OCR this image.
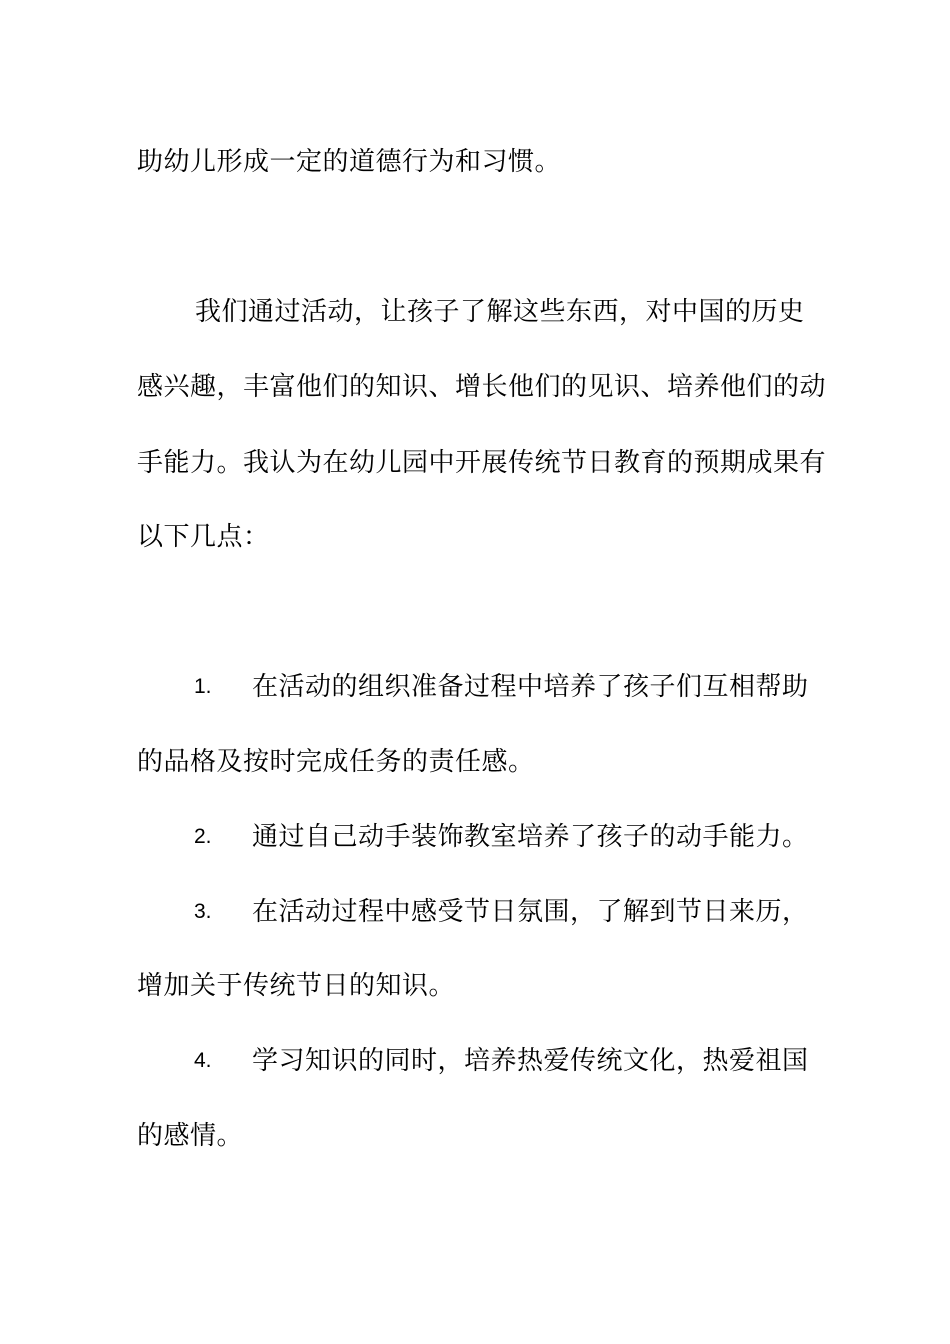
助幼儿形成一定的道德行为和习惯。
我们通过活动，让孩子了解这些东西，对中国的历史
感兴趣，丰富他们的知识、增长他们的见识、培养他们的动
手能力。我认为在幼儿园中开展传统节日教育的预期成果有
以下几点：
1. 在活动的组织准备过程中培养了孩子们互相帮助
的品格及按时完成任务的责任感。
2. 通过自己动手装饰教室培养了孩子的动手能力。
3. 在活动过程中感受节日氛围，了解到节日来历，
增加关于传统节日的知识。
4. 学习知识的同时，培养热爱传统文化，热爱祖国
的感情。
